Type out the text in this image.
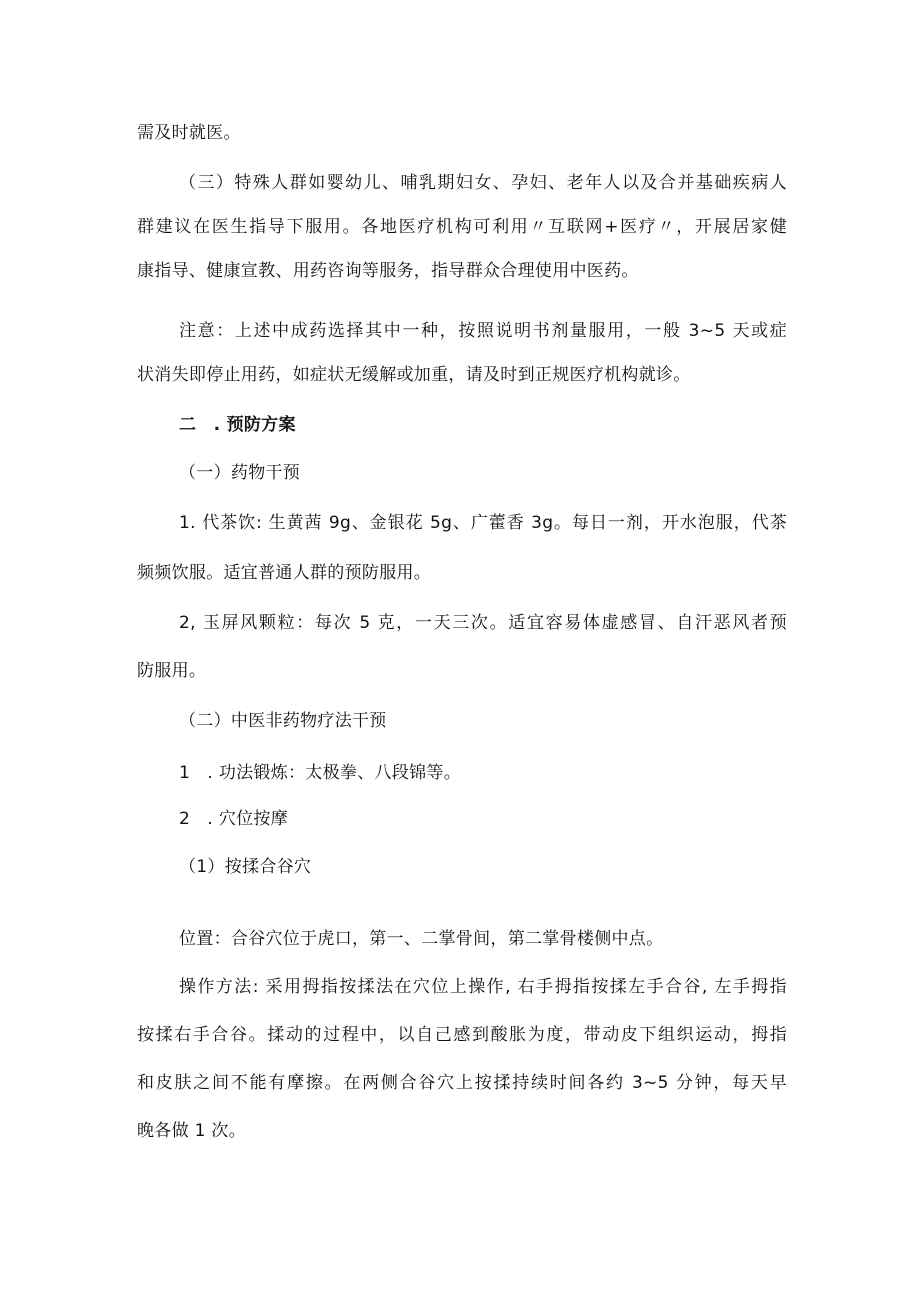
需及时就医。
（三）特殊人群如婴幼儿、哺乳期妇女、孕妇、老年人以及合并基础疾病人
群建议在医生指导下服用。各地医疗机构可利用〃互联网+医疗〃，开展居家健
康指导、健康宣教、用药咨询等服务，指导群众合理使用中医药。
注意：上述中成药选择其中一种，按照说明书剂量服用，一般 3~5 天或症
状消失即停止用药，如症状无缓解或加重，请及时到正规医疗机构就诊。
二　. 预防方案
（一）药物干预
1. 代茶饮: 生黄茜 9g、金银花 5g、广藿香 3g。每日一剂，开水泡服，代茶
频频饮服。适宜普通人群的预防服用。
2, 玉屏风颗粒：每次 5 克，一天三次。适宜容易体虚感冒、自汗恶风者预
防服用。
（二）中医非药物疗法干预
1　. 功法锻炼：太极拳、八段锦等。
2　. 穴位按摩
（1）按揉合谷穴
位置：合谷穴位于虎口，第一、二掌骨间，第二掌骨楼侧中点。
操作方法: 采用拇指按揉法在穴位上操作, 右手拇指按揉左手合谷, 左手拇指
按揉右手合谷。揉动的过程中，以自己感到酸胀为度，带动皮下组织运动，拇指
和皮肤之间不能有摩擦。在两侧合谷穴上按揉持续时间各约 3~5 分钟，每天早
晚各做 1 次。
